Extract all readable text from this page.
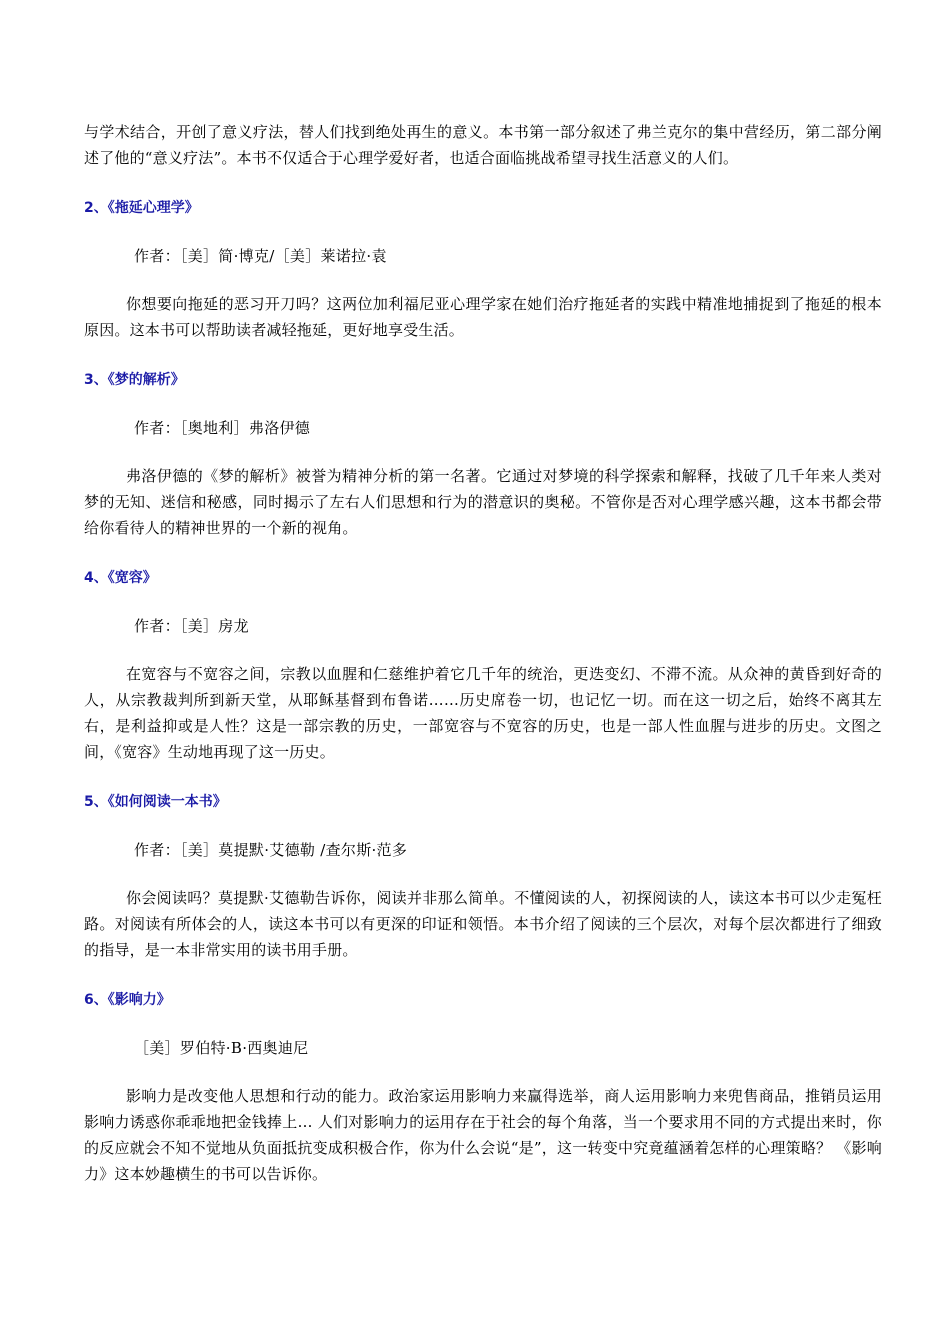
与学术结合，开创了意义疗法，替人们找到绝处再生的意义。本书第一部分叙述了弗兰克尔的集中营经历，第二部分阐述了他的“意义疗法”。本书不仅适合于心理学爱好者，也适合面临挑战希望寻找生活意义的人们。

2、《拖延心理学》

作者：［美］简·博克/［美］莱诺拉·袁

你想要向拖延的恶习开刀吗？这两位加利福尼亚心理学家在她们治疗拖延者的实践中精准地捕捉到了拖延的根本原因。这本书可以帮助读者减轻拖延，更好地享受生活。

3、《梦的解析》

作者：［奥地利］弗洛伊德

弗洛伊德的《梦的解析》被誉为精神分析的第一名著。它通过对梦境的科学探索和解释，找破了几千年来人类对梦的无知、迷信和秘感，同时揭示了左右人们思想和行为的潜意识的奥秘。不管你是否对心理学感兴趣，这本书都会带给你看待人的精神世界的一个新的视角。

4、《宽容》

作者：［美］房龙

在宽容与不宽容之间，宗教以血腥和仁慈维护着它几千年的统治，更迭变幻、不滞不流。从众神的黄昏到好奇的人，从宗教裁判所到新天堂，从耶稣基督到布鲁诺……历史席卷一切，也记忆一切。而在这一切之后，始终不离其左右，是利益抑或是人性？这是一部宗教的历史，一部宽容与不宽容的历史，也是一部人性血腥与进步的历史。文图之间，《宽容》生动地再现了这一历史。

5、《如何阅读一本书》

作者：［美］莫提默·艾德勒 /查尔斯·范多

你会阅读吗？莫提默·艾德勒告诉你，阅读并非那么简单。不懂阅读的人，初探阅读的人，读这本书可以少走冤枉路。对阅读有所体会的人，读这本书可以有更深的印证和领悟。本书介绍了阅读的三个层次，对每个层次都进行了细致的指导，是一本非常实用的读书用手册。

6、《影响力》

［美］罗伯特·B·西奥迪尼

影响力是改变他人思想和行动的能力。政治家运用影响力来赢得选举，商人运用影响力来兜售商品，推销员运用影响力诱惑你乖乖地把金钱捧上… 人们对影响力的运用存在于社会的每个角落，当一个要求用不同的方式提出来时，你的反应就会不知不觉地从负面抵抗变成积极合作，你为什么会说“是”，这一转变中究竟蕴涵着怎样的心理策略？ 《影响力》这本妙趣横生的书可以告诉你。
